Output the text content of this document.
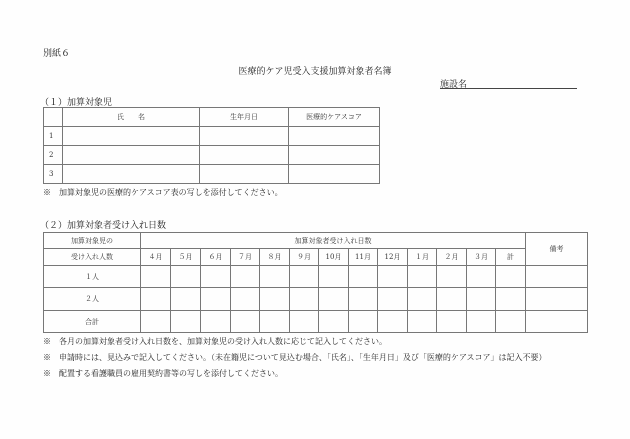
別紙６
医療的ケア児受入支援加算対象者名簿
施設名
（１）加算対象児
	氏　　名	生年月日	医療的ケアスコア
1			
2			
3			
※　加算対象児の医療的ケアスコア表の写しを添付してください。
（２）加算対象者受け入れ日数
加算対象児の	加算対象者受け入れ日数													備考
受け入れ人数	４月	５月	６月	７月	８月	９月	10月	11月	12月	１月	２月	３月	計	
１人														
２人														
合計														
※　各月の加算対象者受け入れ日数を、加算対象児の受け入れ人数に応じて記入してください。
※　申請時には、見込みで記入してください。（未在籍児について見込む場合、「氏名」、「生年月日」及び「医療的ケアスコア」は記入不要）
※　配置する看護職員の雇用契約書等の写しを添付してください。
